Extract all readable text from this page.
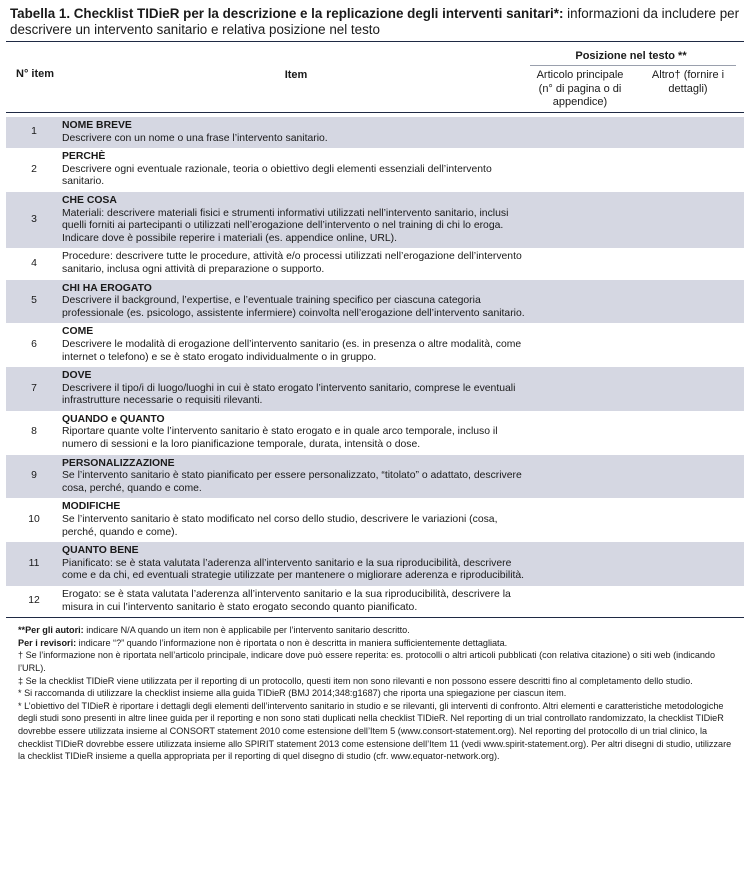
Tabella 1. Checklist TIDieR per la descrizione e la replicazione degli interventi sanitari*: informazioni da includere per descrivere un intervento sanitario e relativa posizione nel testo
Posizione nel testo **
N° item	Item	Articolo principale (n° di pagina o di appendice)
Altro† (fornire i dettagli)
1
NOME BREVE
Descrivere con un nome o una frase l’intervento sanitario.
2
PERCHÈ
Descrivere ogni eventuale razionale, teoria o obiettivo degli elementi essenziali dell’intervento sanitario.
3
CHE COSA
Materiali: descrivere materiali fisici e strumenti informativi utilizzati nell’intervento sanitario, inclusi quelli forniti ai partecipanti o utilizzati nell’erogazione dell’intervento o nel training di chi lo eroga. Indicare dove è possibile reperire i materiali (es. appendice online, URL).
4
Procedure: descrivere tutte le procedure, attività e/o processi utilizzati nell’erogazione dell’intervento sanitario, inclusa ogni attività di preparazione o supporto.
5
CHI HA EROGATO
Descrivere il background, l’expertise, e l’eventuale training specifico per ciascuna categoria professionale (es. psicologo, assistente infermiere) coinvolta nell’erogazione dell’intervento sanitario.
6
COME
Descrivere le modalità di erogazione dell’intervento sanitario (es. in presenza o altre modalità, come internet o telefono) e se è stato erogato individualmente o in gruppo.
7
DOVE
Descrivere il tipo/i di luogo/luoghi in cui è stato erogato l’intervento sanitario, comprese le eventuali infrastrutture necessarie o requisiti rilevanti.
8
QUANDO e QUANTO
Riportare quante volte l’intervento sanitario è stato erogato e in quale arco temporale, incluso il numero di sessioni e la loro pianificazione temporale, durata, intensità o dose.
9
PERSONALIZZAZIONE
Se l’intervento sanitario è stato pianificato per essere personalizzato, “titolato” o adattato, descrivere cosa, perché, quando e come.
10
MODIFICHE
Se l’intervento sanitario è stato modificato nel corso dello studio, descrivere le variazioni (cosa, perché, quando e come).
11
QUANTO BENE
Pianificato: se è stata valutata l’aderenza all’intervento sanitario e la sua riproducibilità, descrivere come e da chi, ed eventuali strategie utilizzate per mantenere o migliorare aderenza e riproducibilità.
12
Erogato: se è stata valutata l’aderenza all’intervento sanitario e la sua riproducibilità, descrivere la misura in cui l’intervento sanitario è stato erogato secondo quanto pianificato.

**Per gli autori: indicare N/A quando un item non è applicabile per l’intervento sanitario descritto.

Per i revisori: indicare “?” quando l’informazione non è riportata o non è descritta in maniera sufficientemente dettagliata.

† Se l’informazione non è riportata nell’articolo principale, indicare dove può essere reperita: es. protocolli o altri articoli pubblicati (con relativa citazione) o siti web (indicando l’URL).

‡ Se la checklist TIDieR viene utilizzata per il reporting di un protocollo, questi item non sono rilevanti e non possono essere descritti fino al completamento dello studio.

* Si raccomanda di utilizzare la checklist insieme alla guida TIDieR (BMJ 2014;348:g1687) che riporta una spiegazione per ciascun item.

* L’obiettivo del TIDieR è riportare i dettagli degli elementi dell’intervento sanitario in studio e se rilevanti, gli interventi di confronto. Altri elementi e caratteristiche metodologiche degli studi sono presenti in altre linee guida per il reporting e non sono stati duplicati nella checklist TIDieR. Nel reporting di un trial controllato randomizzato, la checklist TIDieR dovrebbe essere utilizzata insieme al CONSORT statement 2010 come estensione dell’Item 5 (www.consort-statement.org). Nel reporting del protocollo di un trial clinico, la checklist TIDieR dovrebbe essere utilizzata insieme allo SPIRIT statement 2013 come estensione dell’Item 11 (vedi www.spirit-statement.org). Per altri disegni di studio, utilizzare la checklist TIDieR insieme a quella appropriata per il reporting di quel disegno di studio (cfr. www.equator-network.org).
